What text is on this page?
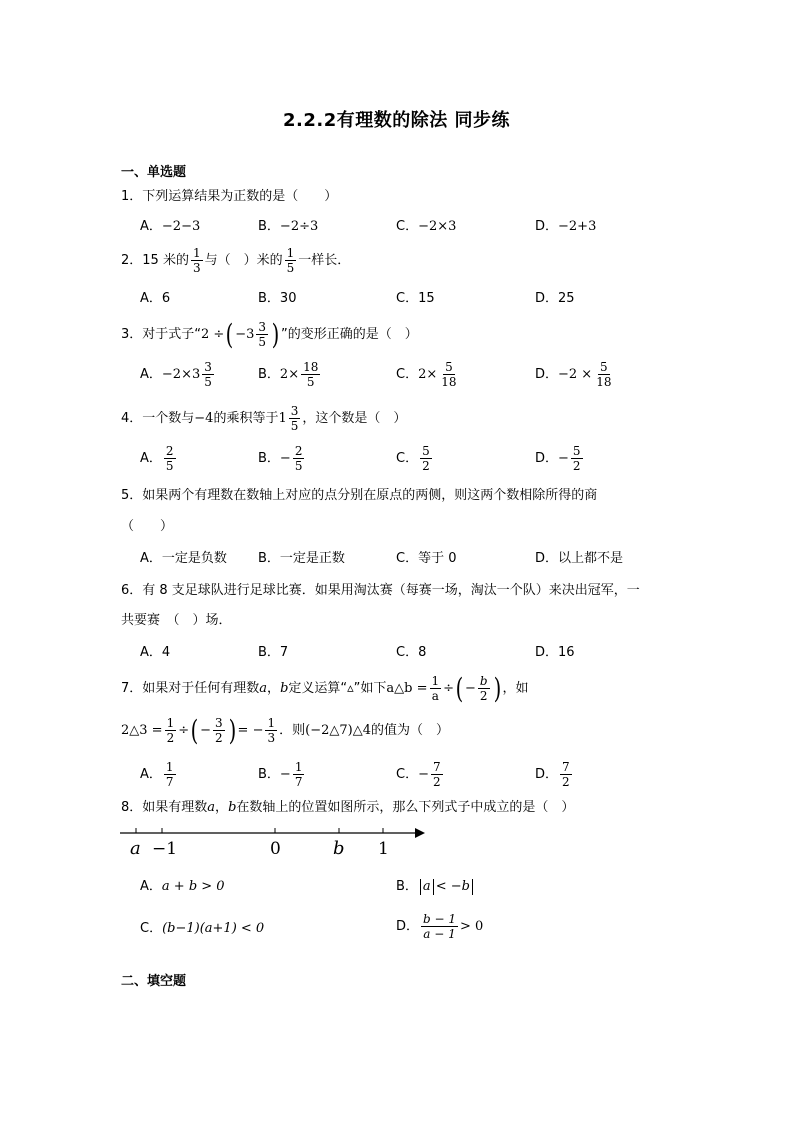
2.2.2有理数的除法 同步练
一、单选题
1．下列运算结果为正数的是（　　）
A． −2−3	B． −2÷3	C． −2×3	D． −2+3
2．15 米的 $\frac{1}{3}$ 与（　）米的 $\frac{1}{5}$ 一样长．
A．6	B．30	C．15	D．25
3．对于式子“ 2 ÷ ( $-3 \frac{3}{5}$ ) ”的变形正确的是（　）
A． $-2\times 3 \frac{3}{5}$	B． $2\times \frac{18}{5}$	C． $2\times \frac{5}{18}$	D． $-2 \times \frac{5}{18}$
4．一个数与 −4 的乘积等于 $1 \frac{3}{5}$ ，这个数是（　）
A． $\frac{2}{5}$	B． − $\frac{2}{5}$	C． $\frac{5}{2}$	D． − $\frac{5}{2}$
5．如果两个有理数在数轴上对应的点分别在原点的两侧，则这两个数相除所得的商
（　　）
A．一定是负数 B．一定是正数	C．等于 0	D．以上都不是
6．有 8 支足球队进行足球比赛．如果用淘汰赛（每赛一场，淘汰一个队）来决出冠军，一
共要赛　（　）场．
A．4	B．7	C．8	D．16
7．如果对于任何有理数 a ， b 定义运算“▵”如下 a△b = $\frac{1}{a}$ ÷ ( − $\frac{b}{2}$ ) ，如
2△3 = $\frac{1}{2}$ ÷ ( − $\frac{3}{2}$ ) = − $\frac{1}{3}$ ．则 (−2△7)△4 的值为（　）
A． $\frac{1}{7}$	B． − $\frac{1}{7}$	C． − $\frac{7}{2}$	D． $\frac{7}{2}$
8．如果有理数 a ， b 在数轴上的位置如图所示，那么下列式子中成立的是（　）
a −1	0	b 1
A． a + b > 0	B． a < −b
C． (b−1)(a+1) < 0	D． $\frac{b - 1}{a - 1} > 0$
二、填空题
